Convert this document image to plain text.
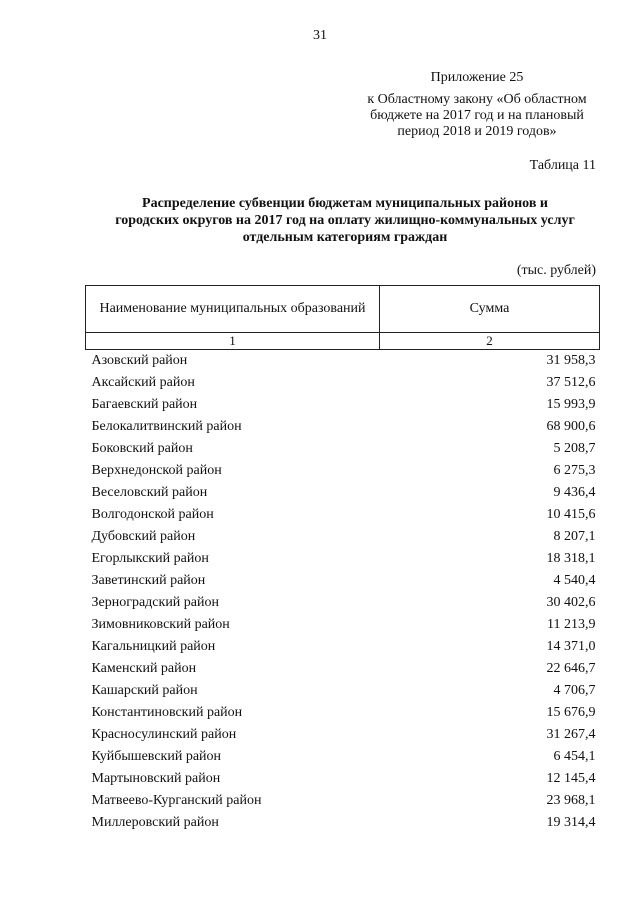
31
Приложение 25
к Областному закону «Об областном
бюджете на 2017 год и на плановый
период 2018 и 2019 годов»
Таблица 11
Распределение субвенции бюджетам муниципальных районов и
городских округов на 2017 год на оплату жилищно-коммунальных услуг
отдельным категориям граждан
(тыс. рублей)
Наименование муниципальных образований	Сумма
1	2
Азовский район	31 958,3
Аксайский район	37 512,6
Багаевский район	15 993,9
Белокалитвинский район	68 900,6
Боковский район	5 208,7
Верхнедонской район	6 275,3
Веселовский район	9 436,4
Волгодонской район	10 415,6
Дубовский район	8 207,1
Егорлыкский район	18 318,1
Заветинский район	4 540,4
Зерноградский район	30 402,6
Зимовниковский район	11 213,9
Кагальницкий район	14 371,0
Каменский район	22 646,7
Кашарский район	4 706,7
Константиновский район	15 676,9
Красносулинский район	31 267,4
Куйбышевский район	6 454,1
Мартыновский район	12 145,4
Матвеево-Курганский район	23 968,1
Миллеровский район	19 314,4
